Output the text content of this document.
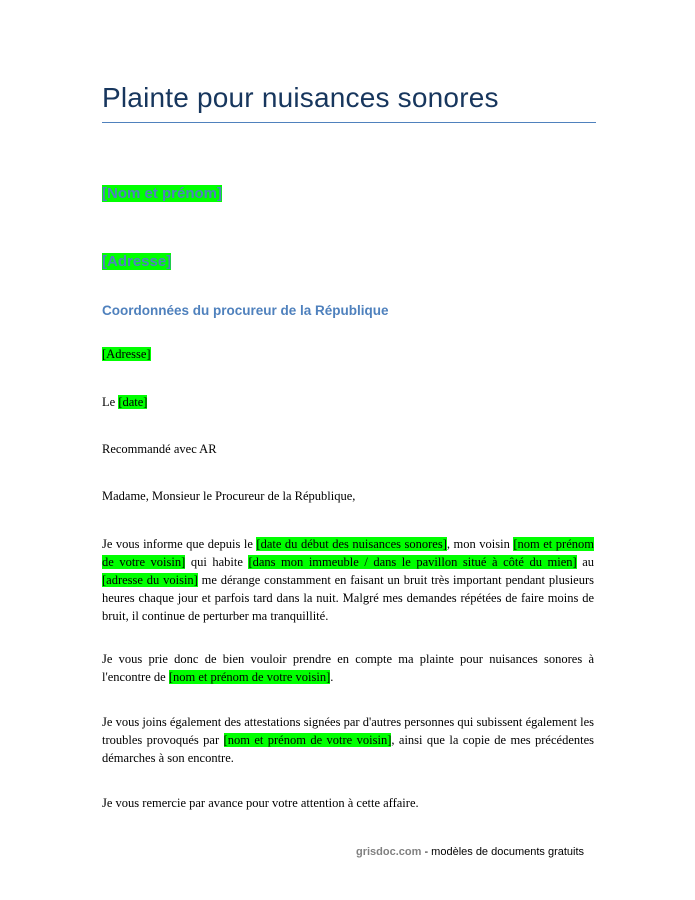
Plainte pour nuisances sonores
[Nom et prénom]
[Adresse]
Coordonnées du procureur de la République
[Adresse]
Le [date]
Recommandé avec AR
Madame, Monsieur le Procureur de la République,
Je vous informe que depuis le [date du début des nuisances sonores], mon voisin [nom et prénom de votre voisin] qui habite [dans mon immeuble / dans le pavillon situé à côté du mien] au [adresse du voisin] me dérange constamment en faisant un bruit très important pendant plusieurs heures chaque jour et parfois tard dans la nuit. Malgré mes demandes répétées de faire moins de bruit, il continue de perturber ma tranquillité.
Je vous prie donc de bien vouloir prendre en compte ma plainte pour nuisances sonores à l'encontre de [nom et prénom de votre voisin].
Je vous joins également des attestations signées par d'autres personnes qui subissent également les troubles provoqués par [nom et prénom de votre voisin], ainsi que la copie de mes précédentes démarches à son encontre.
Je vous remercie par avance pour votre attention à cette affaire.
grisdoc.com - modèles de documents gratuits
